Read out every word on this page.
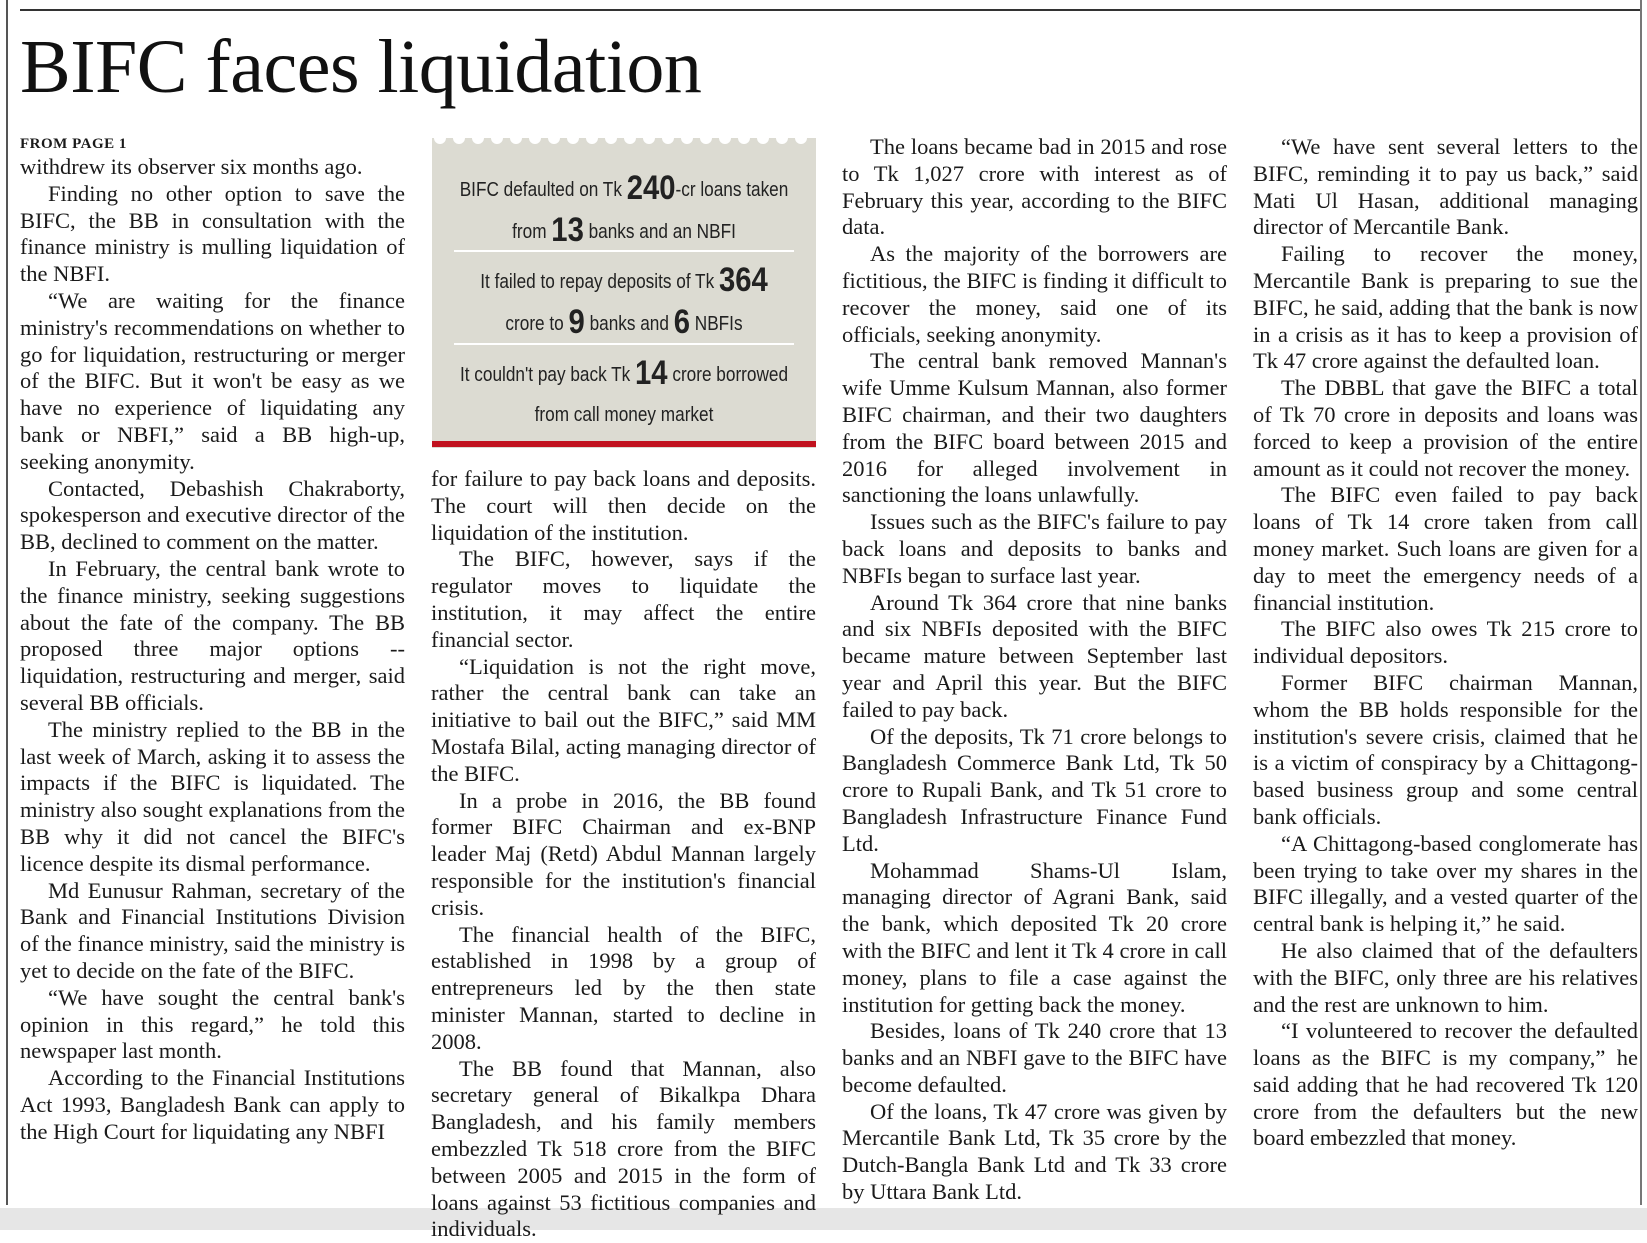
BIFC faces liquidation

FROM PAGE 1

withdrew its observer six months ago.

Finding no other option to save the BIFC, the BB in consultation with the finance ministry is mulling liquidation of the NBFI.

“We are waiting for the finance ministry's recommendations on whether to go for liquidation, restructuring or merger of the BIFC. But it won't be easy as we have no experience of liquidating any bank or NBFI,” said a BB high-up, seeking anonymity.

Contacted, Debashish Chakraborty, spokesperson and executive director of the BB, declined to comment on the matter.

In February, the central bank wrote to the finance ministry, seeking suggestions about the fate of the company. The BB proposed three major options -- liquidation, restructuring and merger, said several BB officials.

The ministry replied to the BB in the last week of March, asking it to assess the impacts if the BIFC is liquidated. The ministry also sought explanations from the BB why it did not cancel the BIFC's licence despite its dismal performance.

Md Eunusur Rahman, secretary of the Bank and Financial Institutions Division of the finance ministry, said the ministry is yet to decide on the fate of the BIFC.

“We have sought the central bank's opinion in this regard,” he told this newspaper last month.

According to the Financial Institutions Act 1993, Bangladesh Bank can apply to the High Court for liquidating any NBFI

BIFC defaulted on Tk 240-cr loans taken from 13 banks and an NBFI
It failed to repay deposits of Tk 364 crore to 9 banks and 6 NBFIs
It couldn't pay back Tk 14 crore borrowed from call money market

for failure to pay back loans and deposits. The court will then decide on the liquidation of the institution.

The BIFC, however, says if the regulator moves to liquidate the institution, it may affect the entire financial sector.

“Liquidation is not the right move, rather the central bank can take an initiative to bail out the BIFC,” said MM Mostafa Bilal, acting managing director of the BIFC.

In a probe in 2016, the BB found former BIFC Chairman and ex-BNP leader Maj (Retd) Abdul Mannan largely responsible for the institution's financial crisis.

The financial health of the BIFC, established in 1998 by a group of entrepreneurs led by the then state minister Mannan, started to decline in 2008.

The BB found that Mannan, also secretary general of Bikalkpa Dhara Bangladesh, and his family members embezzled Tk 518 crore from the BIFC between 2005 and 2015 in the form of loans against 53 fictitious companies and individuals.

The loans became bad in 2015 and rose to Tk 1,027 crore with interest as of February this year, according to the BIFC data.

As the majority of the borrowers are fictitious, the BIFC is finding it difficult to recover the money, said one of its officials, seeking anonymity.

The central bank removed Mannan's wife Umme Kulsum Mannan, also former BIFC chairman, and their two daughters from the BIFC board between 2015 and 2016 for alleged involvement in sanctioning the loans unlawfully.

Issues such as the BIFC's failure to pay back loans and deposits to banks and NBFIs began to surface last year.

Around Tk 364 crore that nine banks and six NBFIs deposited with the BIFC became mature between September last year and April this year. But the BIFC failed to pay back.

Of the deposits, Tk 71 crore belongs to Bangladesh Commerce Bank Ltd, Tk 50 crore to Rupali Bank, and Tk 51 crore to Bangladesh Infrastructure Finance Fund Ltd.

Mohammad Shams-Ul Islam, managing director of Agrani Bank, said the bank, which deposited Tk 20 crore with the BIFC and lent it Tk 4 crore in call money, plans to file a case against the institution for getting back the money.

Besides, loans of Tk 240 crore that 13 banks and an NBFI gave to the BIFC have become defaulted.

Of the loans, Tk 47 crore was given by Mercantile Bank Ltd, Tk 35 crore by the Dutch-Bangla Bank Ltd and Tk 33 crore by Uttara Bank Ltd.

“We have sent several letters to the BIFC, reminding it to pay us back,” said Mati Ul Hasan, additional managing director of Mercantile Bank.

Failing to recover the money, Mercantile Bank is preparing to sue the BIFC, he said, adding that the bank is now in a crisis as it has to keep a provision of Tk 47 crore against the defaulted loan.

The DBBL that gave the BIFC a total of Tk 70 crore in deposits and loans was forced to keep a provision of the entire amount as it could not recover the money.

The BIFC even failed to pay back loans of Tk 14 crore taken from call money market. Such loans are given for a day to meet the emergency needs of a financial institution.

The BIFC also owes Tk 215 crore to individual depositors.

Former BIFC chairman Mannan, whom the BB holds responsible for the institution's severe crisis, claimed that he is a victim of conspiracy by a Chittagong-based business group and some central bank officials.

“A Chittagong-based conglomerate has been trying to take over my shares in the BIFC illegally, and a vested quarter of the central bank is helping it,” he said.

He also claimed that of the defaulters with the BIFC, only three are his relatives and the rest are unknown to him.

“I volunteered to recover the defaulted loans as the BIFC is my company,” he said adding that he had recovered Tk 120 crore from the defaulters but the new board embezzled that money.
